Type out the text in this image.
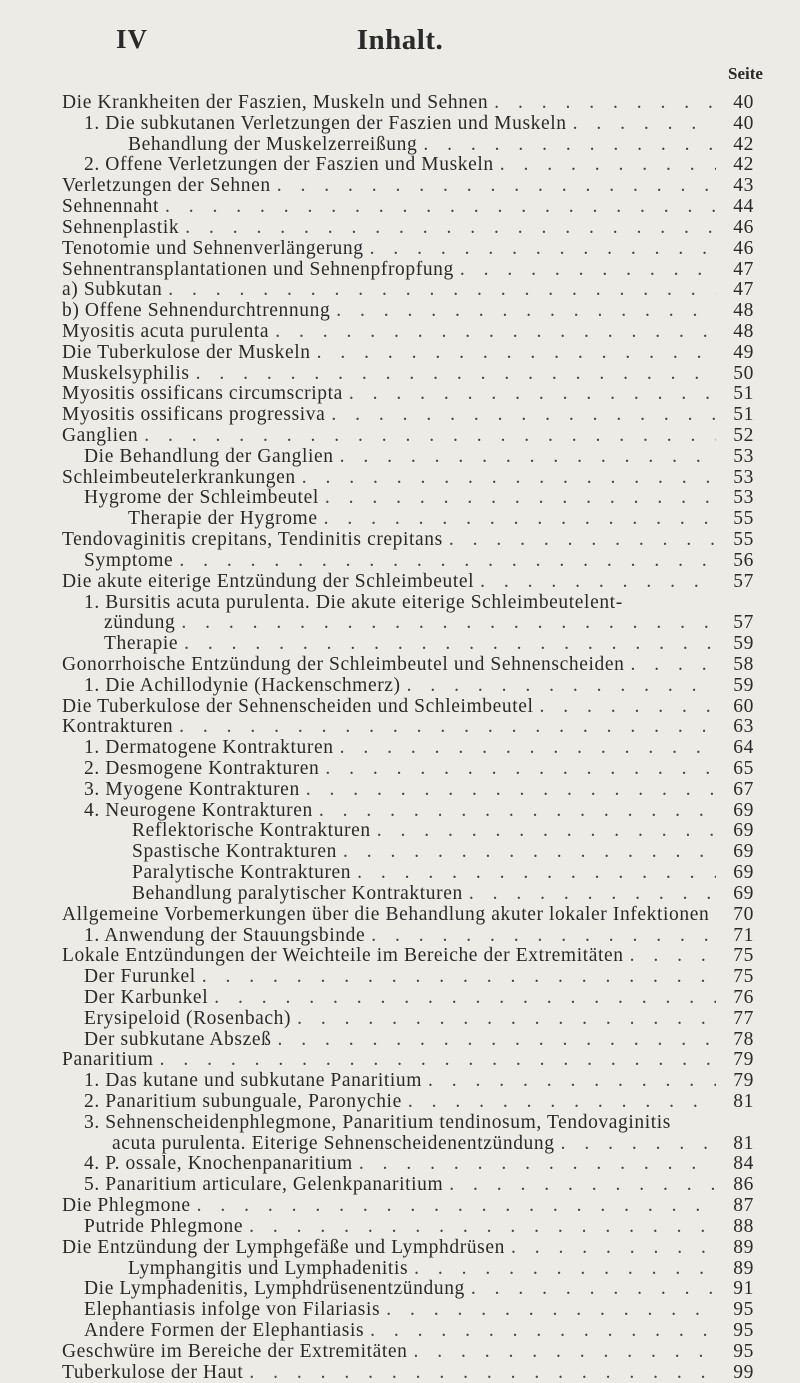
IV	Inhalt.
Seite
Die Krankheiten der Faszien, Muskeln und Sehnen . . .	40
1. Die subkutanen Verletzungen der Faszien und Muskeln . . .	40
Behandlung der Muskelzerreißung . . .	42
2. Offene Verletzungen der Faszien und Muskeln . . .	42
Verletzungen der Sehnen . . .	43
Sehnennaht . . .	44
Sehnenplastik . . .	46
Tenotomie und Sehnenverlängerung . . .	46
Sehnentransplantationen und Sehnenpfropfung . . .	47
a) Subkutan . . .	47
b) Offene Sehnendurchtrennung . . .	48
Myositis acuta purulenta . . .	48
Die Tuberkulose der Muskeln . . .	49
Muskelsyphilis . . .	50
Myositis ossificans circumscripta . . .	51
Myositis ossificans progressiva . . .	51
Ganglien . . .	52
Die Behandlung der Ganglien . . .	53
Schleimbeutelerkrankungen . . .	53
Hygrome der Schleimbeutel . . .	53
Therapie der Hygrome . . .	55
Tendovaginitis crepitans, Tendinitis crepitans . . .	55
Symptome . . .	56
Die akute eiterige Entzündung der Schleimbeutel . . .	57
1. Bursitis acuta purulenta. Die akute eiterige Schleimbeutelent-
zündung . . .	57
Therapie . . .	59
Gonorrhoische Entzündung der Schleimbeutel und Sehnenscheiden . . .	58
1. Die Achillodynie (Hackenschmerz) . . .	59
Die Tuberkulose der Sehnenscheiden und Schleimbeutel . . .	60
Kontrakturen . . .	63
1. Dermatogene Kontrakturen . . .	64
2. Desmogene Kontrakturen . . .	65
3. Myogene Kontrakturen . . .	67
4. Neurogene Kontrakturen . . .	69
Reflektorische Kontrakturen . . .	69
Spastische Kontrakturen . . .	69
Paralytische Kontrakturen . . .	69
Behandlung paralytischer Kontrakturen . . .	69
Allgemeine Vorbemerkungen über die Behandlung akuter lokaler Infektionen . . .	70
1. Anwendung der Stauungsbinde . . .	71
Lokale Entzündungen der Weichteile im Bereiche der Extremitäten . . .	75
Der Furunkel . . .	75
Der Karbunkel . . .	76
Erysipeloid (Rosenbach) . . .	77
Der subkutane Abszeß . . .	78
Panaritium . . .	79
1. Das kutane und subkutane Panaritium . . .	79
2. Panaritium subunguale, Paronychie . . .	81
3. Sehnenscheidenphlegmone, Panaritium tendinosum, Tendovaginitis
acuta purulenta. Eiterige Sehnenscheidenentzündung . . .	81
4. P. ossale, Knochenpanaritium . . .	84
5. Panaritium articulare, Gelenkpanaritium . . .	86
Die Phlegmone . . .	87
Putride Phlegmone . . .	88
Die Entzündung der Lymphgefäße und Lymphdrüsen . . .	89
Lymphangitis und Lymphadenitis . . .	89
Die Lymphadenitis, Lymphdrüsenentzündung . . .	91
Elephantiasis infolge von Filariasis . . .	95
Andere Formen der Elephantiasis . . .	95
Geschwüre im Bereiche der Extremitäten . . .	95
Tuberkulose der Haut . . .	99
